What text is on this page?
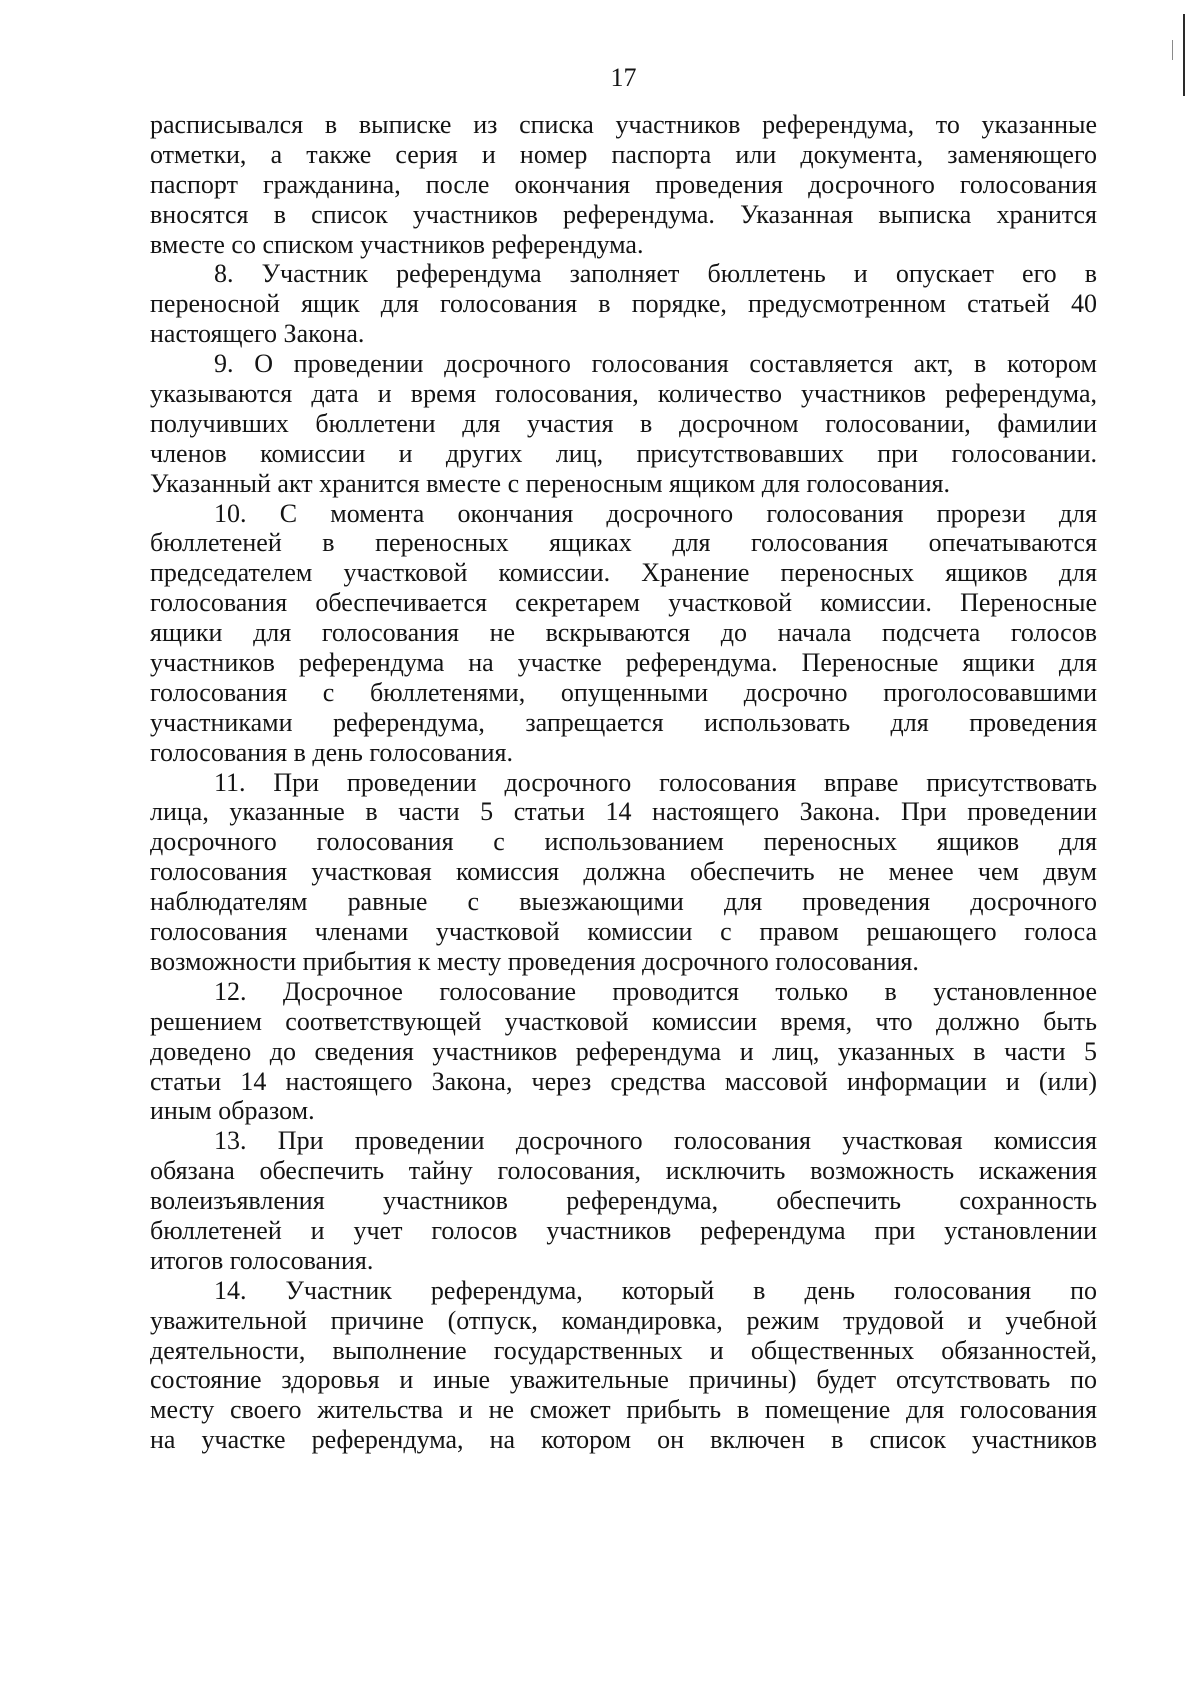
17
расписывался в выписке из списка участников референдума, то указанные
отметки, а также серия и номер паспорта или документа, заменяющего
паспорт гражданина, после окончания проведения досрочного голосования
вносятся в список участников референдума. Указанная выписка хранится
вместе со списком участников референдума.
8. Участник референдума заполняет бюллетень и опускает его в
переносной ящик для голосования в порядке, предусмотренном статьей 40
настоящего Закона.
9. О проведении досрочного голосования составляется акт, в котором
указываются дата и время голосования, количество участников референдума,
получивших бюллетени для участия в досрочном голосовании, фамилии
членов комиссии и других лиц, присутствовавших при голосовании.
Указанный акт хранится вместе с переносным ящиком для голосования.
10. С момента окончания досрочного голосования прорези для
бюллетеней в переносных ящиках для голосования опечатываются
председателем участковой комиссии. Хранение переносных ящиков для
голосования обеспечивается секретарем участковой комиссии. Переносные
ящики для голосования не вскрываются до начала подсчета голосов
участников референдума на участке референдума. Переносные ящики для
голосования с бюллетенями, опущенными досрочно проголосовавшими
участниками референдума, запрещается использовать для проведения
голосования в день голосования.
11. При проведении досрочного голосования вправе присутствовать
лица, указанные в части 5 статьи 14 настоящего Закона. При проведении
досрочного голосования с использованием переносных ящиков для
голосования участковая комиссия должна обеспечить не менее чем двум
наблюдателям равные с выезжающими для проведения досрочного
голосования членами участковой комиссии с правом решающего голоса
возможности прибытия к месту проведения досрочного голосования.
12. Досрочное голосование проводится только в установленное
решением соответствующей участковой комиссии время, что должно быть
доведено до сведения участников референдума и лиц, указанных в части 5
статьи 14 настоящего Закона, через средства массовой информации и (или)
иным образом.
13. При проведении досрочного голосования участковая комиссия
обязана обеспечить тайну голосования, исключить возможность искажения
волеизъявления участников референдума, обеспечить сохранность
бюллетеней и учет голосов участников референдума при установлении
итогов голосования.
14. Участник референдума, который в день голосования по
уважительной причине (отпуск, командировка, режим трудовой и учебной
деятельности, выполнение государственных и общественных обязанностей,
состояние здоровья и иные уважительные причины) будет отсутствовать по
месту своего жительства и не сможет прибыть в помещение для голосования
на участке референдума, на котором он включен в список участников
